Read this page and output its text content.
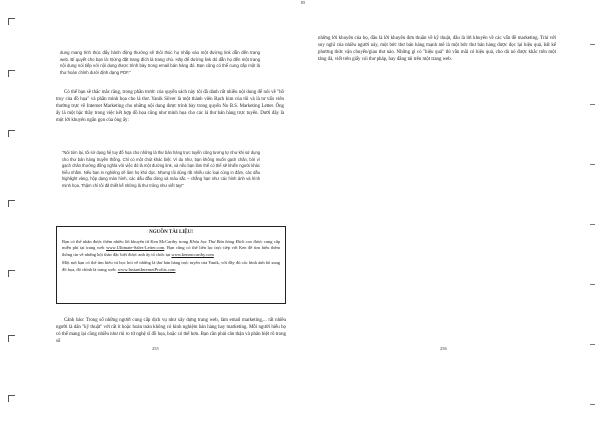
85
dung mang tính thúc đẩy hành động thường sẽ thôi thúc họ nhấp vào một đường link dẫn đến trang web. Bí quyết cho bạn là: Đừng đặt trang đích là trang chủ. Hãy để đường link đó dẫn họ đến một trang nội dung nói tiếp với nội dung được trình bày trong email bán hàng đó. Bạn cũng có thể cung cấp một lá thư hoàn chỉnh dưới định dạng PDF."

Có thể bạn sẽ thắc mắc rằng, trong phần trước của quyển sách này tôi đã dành rất nhiều nội dung để nói về "hồ truy của đồ họa" và phần minh họa cho lá thư. Yanik Silver là một thành viên Bạch kim của tôi và là tư vấn viên thường trực về Internet Marketing cho những nội dung được trình bày trong quyển No B.S. Marketing Letter. Ông ấy là một bậc thầy trong việc kết hợp đồ họa cũng như minh họa cho các lá thư bán hàng trực tuyến. Dưới đây là một lời khuyên ngắn gọn của ông ấy:

"Nói tóm lại, tôi sử dụng hệ tuy đồ họa cho những lá thư bán hàng trực tuyến cũng tương tự như khi sử dụng cho thư bán hàng truyền thống. Chỉ có một chút khác biệt. Vì dụ như, bạn không muốn gạch chân, bởi vì gạch chân thường đồng nghĩa với việc đó là một đường link, và nếu bạn làm thế có thể sẽ khiến người khác hiểu nhầm. Nếu bạn in nghiêng sẽ làm họ khó đọc. Nhưng tôi dùng rất nhiều các loại cùng in đậm, các dấu highlight vàng, hộp dạng màn hình, các dấu đầu dòng và màu sắc – chẳng hạn như các hình ảnh và hình minh họa. Thậm chí tôi đã thiết kế những lá thư trông như viết tay!"
NGUỒN TÀI LIỆU!

Bạn có thể nhận được thêm nhiều lời khuyên từ Ken McCarthy trong Khóa học Thư Bán hàng Đích cao được cung cấp miễn phí tại trang web www.Ultimate-Sales-Letter.com. Bạn cũng có thể liên lạc trực tiếp với Ken để tìm hiểu thêm thông tin về những hội thảo đặc biệt được anh ấy tổ chức tại www.kenmccarthy.com

Một nơi bạn có thể tìm hiểu và học hỏi về những lá thư bán hàng trực tuyến của Yanik, với đầy đủ các hình ảnh bổ sung đồ họa, đó chính là trang web: www.InstantInternetProfits.com

Cảnh báo: Trong số những người cung cấp dịch vụ như xây dựng trang web, làm email marketing,... rất nhiều người là dân "kỹ thuật" với rất ít hoặc hoàn toàn không có kinh nghiệm bán hàng hay marketing. Mỗi người hiểu họ có thể mang lại cũng nhiều như rủi ro từ nghệ sĩ đồ họa, hoặc có thể hơn. Bạn cần phải cân thận và phân biệt rõ trong số

255

những lời khuyên của họ, đâu là lời khuyên đơn thuần về kỹ thuật, đâu là lời khuyên về các vấn đề marketing. Trải với suy nghĩ của nhiều người này, một bức thư bán hàng mạnh mẽ là một bức thư bán hàng được đọc lại hiệu quả, bất kể phương thức vận chuyển/giao thư nào. Những gì có "hiệu quả" thì vẫn mãi có hiệu quả, cho dù nó được khắc trên một tảng đá, viết trên giấy cói thư pháp, hay đăng tải trên một trang web.

256
